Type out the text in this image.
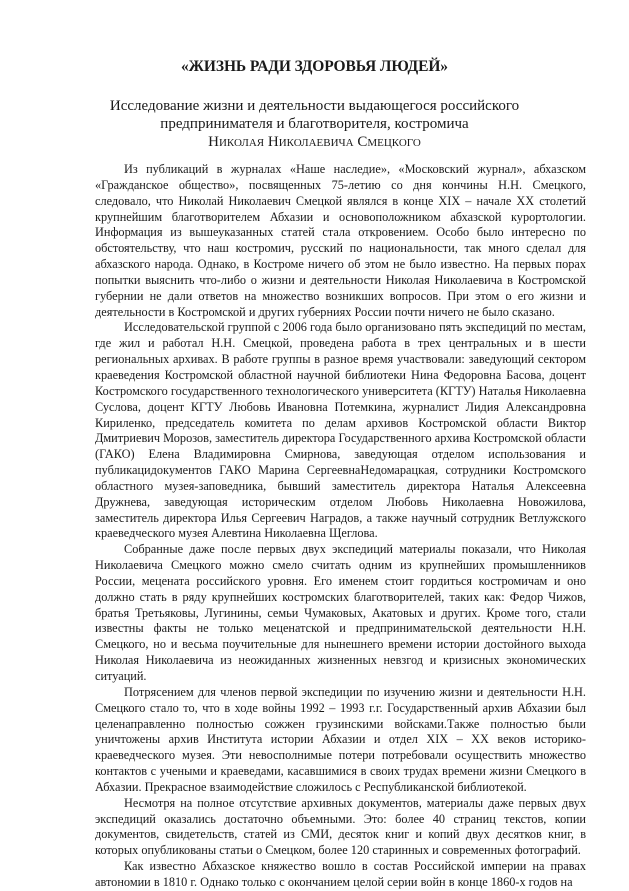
«ЖИЗНЬ РАДИ ЗДОРОВЬЯ ЛЮДЕЙ»
Исследование жизни и деятельности выдающегося российского
предпринимателя и благотворителя, костромича
Николая Николаевича Смецкого

Из публикаций в журналах «Наше наследие», «Московский журнал», абхазском «Гражданское общество», посвященных 75-летию со дня кончины Н.Н. Смецкого, следовало, что Николай Николаевич Смецкой являлся в конце XIX – начале XX столетий крупнейшим благотворителем Абхазии и основоположником абхазской курортологии. Информация из вышеуказанных статей стала откровением. Особо было интересно по обстоятельству, что наш костромич, русский по национальности, так много сделал для абхазского народа. Однако, в Костроме ничего об этом не было известно. На первых порах попытки выяснить что-либо о жизни и деятельности Николая Николаевича в Костромской губернии не дали ответов на множество возникших вопросов. При этом о его жизни и деятельности в Костромской и других губерниях России почти ничего не было сказано.

Исследовательской группой с 2006 года было организовано пять экспедиций по местам, где жил и работал Н.Н. Смецкой, проведена работа в трех центральных и в шести региональных архивах. В работе группы в разное время участвовали: заведующий сектором краеведения Костромской областной научной библиотеки Нина Федоровна Басова, доцент Костромского государственного технологического университета (КГТУ) Наталья Николаевна Суслова, доцент КГТУ Любовь Ивановна Потемкина, журналист Лидия Александровна Кириленко, председатель комитета по делам архивов Костромской области Виктор Дмитриевич Морозов, заместитель директора Государственного архива Костромской области (ГАКО) Елена Владимировна Смирнова, заведующая отделом использования и публикацидокументов ГАКО Марина СергеевнаНедомарацкая, сотрудники Костромского областного музея-заповедника, бывший заместитель директора Наталья Алексеевна Дружнева, заведующая историческим отделом Любовь Николаевна Новожилова, заместитель директора Илья Сергеевич Наградов, а также научный сотрудник Ветлужского краеведческого музея Алевтина Николаевна Щеглова.

Собранные даже после первых двух экспедиций материалы показали, что Николая Николаевича Смецкого можно смело считать одним из крупнейших промышленников России, мецената российского уровня. Его именем стоит гордиться костромичам и оно должно стать в ряду крупнейших костромских благотворителей, таких как: Федор Чижов, братья Третьяковы, Лугинины, семьи Чумаковых, Акатовых и других. Кроме того, стали известны факты не только меценатской и предпринимательской деятельности Н.Н. Смецкого, но и весьма поучительные для нынешнего времени истории достойного выхода Николая Николаевича из неожиданных жизненных невзгод и кризисных экономических ситуаций.

Потрясением для членов первой экспедиции по изучению жизни и деятельности Н.Н. Смецкого стало то, что в ходе войны 1992 – 1993 г.г. Государственный архив Абхазии был целенаправленно полностью сожжен грузинскими войсками.Также полностью были уничтожены архив Института истории Абхазии и отдел XIX – XX веков историко-краеведческого музея. Эти невосполнимые потери потребовали осуществить множество контактов с учеными и краеведами, касавшимися в своих трудах времени жизни Смецкого в Абхазии. Прекрасное взаимодействие сложилось с Республиканской библиотекой.

Несмотря на полное отсутствие архивных документов, материалы даже первых двух экспедиций оказались достаточно объемными. Это: более 40 страниц текстов, копии документов, свидетельств, статей из СМИ, десяток книг и копий двух десятков книг, в которых опубликованы статьи о Смецком, более 120 старинных и современных фотографий.

Как известно Абхазское княжество вошло в состав Российской империи на правах автономии в 1810 г. Однако только с окончанием целой серии войн в конце 1860-х годов на
